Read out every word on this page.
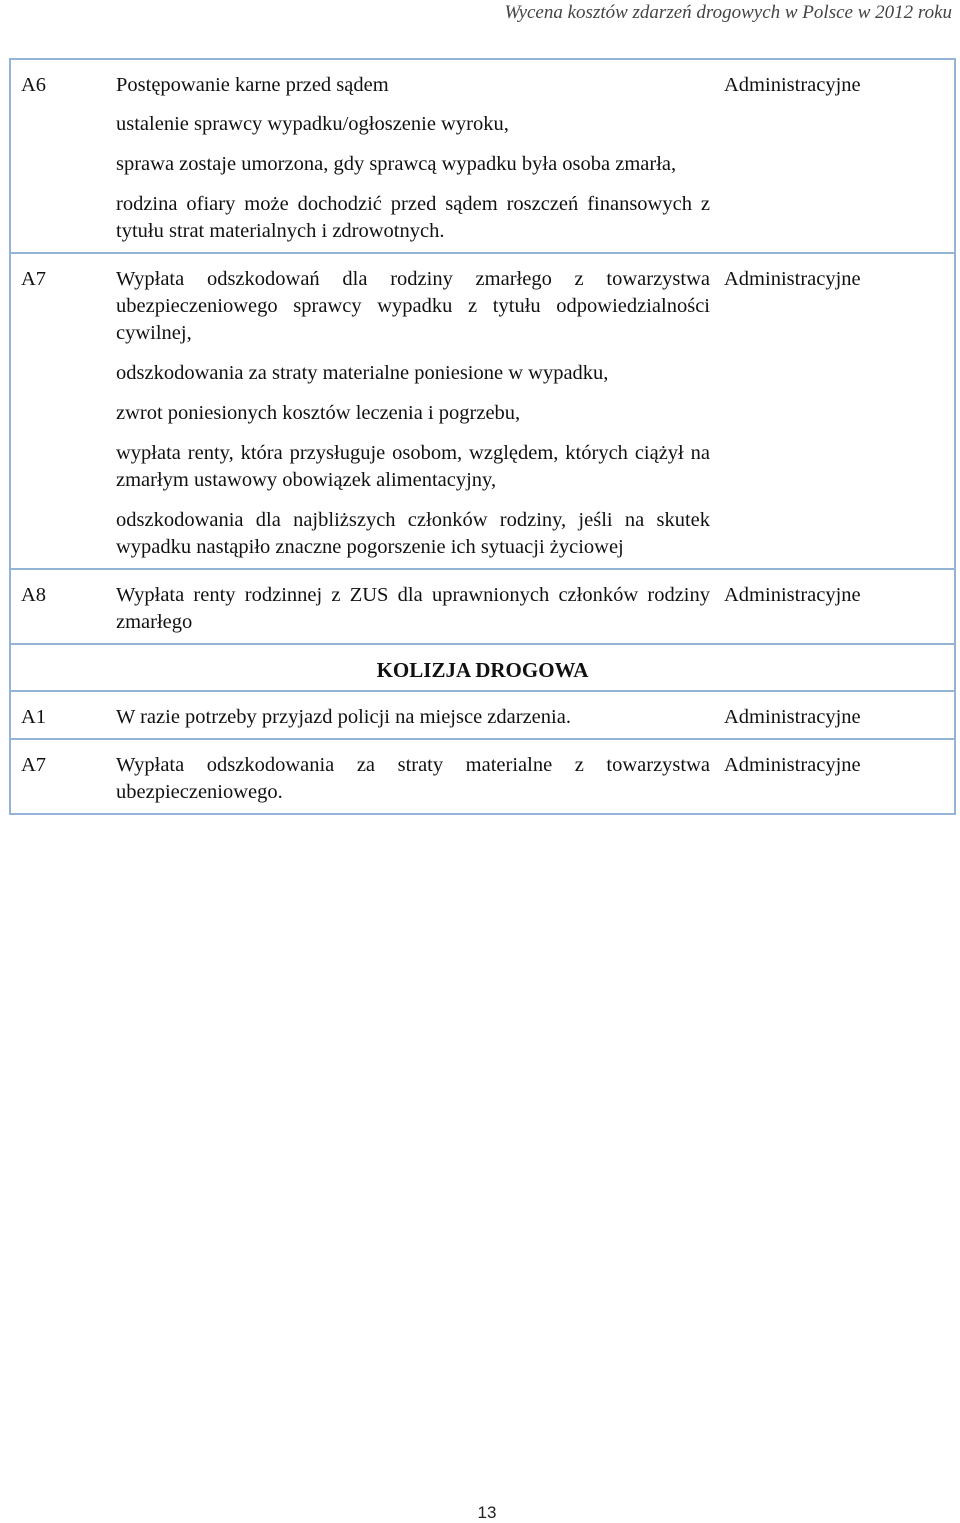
Wycena kosztów zdarzeń drogowych w Polsce w 2012 roku
A6	Postępowanie karne przed sądem

ustalenie sprawcy wypadku/ogłoszenie wyroku,

sprawa zostaje umorzona, gdy sprawcą wypadku była osoba zmarła,

rodzina ofiary może dochodzić przed sądem roszczeń finansowych z tytułu strat materialnych i zdrowotnych.	Administracyjne
A7	Wypłata odszkodowań dla rodziny zmarłego z towarzystwa ubezpieczeniowego sprawcy wypadku z tytułu odpowiedzialności cywilnej,

odszkodowania za straty materialne poniesione w wypadku,

zwrot poniesionych kosztów leczenia i pogrzebu,

wypłata renty, która przysługuje osobom, względem, których ciążył na zmarłym ustawowy obowiązek alimentacyjny,

odszkodowania dla najbliższych członków rodziny, jeśli na skutek wypadku nastąpiło znaczne pogorszenie ich sytuacji życiowej	Administracyjne
A8	Wypłata renty rodzinnej z ZUS dla uprawnionych członków rodziny zmarłego	Administracyjne
KOLIZJA DROGOWA		
A1	W razie potrzeby przyjazd policji na miejsce zdarzenia.	Administracyjne
A7	Wypłata odszkodowania za straty materialne z towarzystwa ubezpieczeniowego.	Administracyjne
13
